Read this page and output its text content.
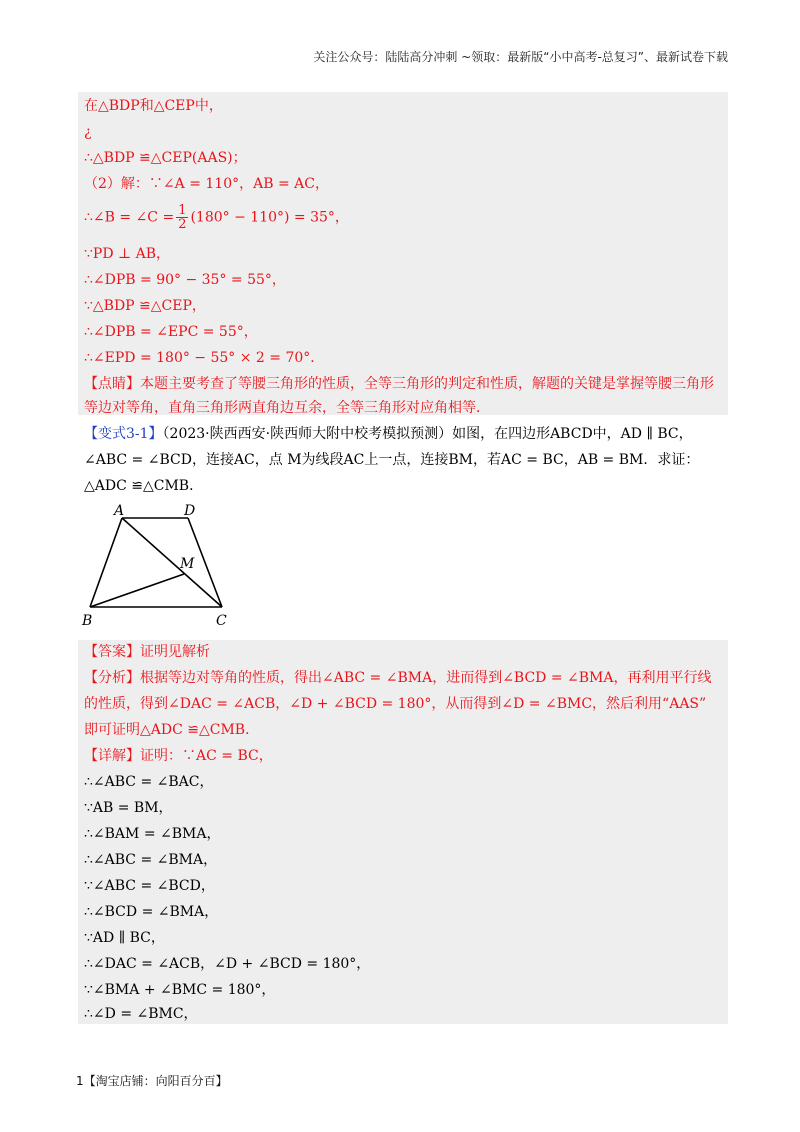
关注公众号：陆陆高分冲刺 ~领取：最新版“小中高考-总复习”、最新试卷下载
在△BDP和△CEP中，
¿
∴△BDP ≌△CEP(AAS)；
（2）解：∵∠A = 110°，AB = AC，
∴∠B = ∠C = $\frac{1}{2} (180^\circ - 110^\circ) = 35^\circ$，
∵PD ⊥ AB，
∴∠DPB = 90° − 35° = 55°，
∵△BDP ≌△CEP，
∴∠DPB = ∠EPC = 55°，
∴∠EPD = 180° − 55° × 2 = 70°．
【点睛】本题主要考查了等腰三角形的性质，全等三角形的判定和性质，解题的关键是掌握等腰三角形
等边对等角，直角三角形两直角边互余，全等三角形对应角相等．
【变式3-1】（2023·陕西西安·陕西师大附中校考模拟预测）如图，在四边形ABCD中，AD ∥ BC，
∠ABC = ∠BCD，连接AC，点 M为线段AC上一点，连接BM，若AC = BC，AB = BM．求证：
△ADC ≌△CMB．
A	D
M
B	C
【答案】证明见解析
【分析】根据等边对等角的性质，得出∠ABC = ∠BMA，进而得到∠BCD = ∠BMA，再利用平行线
的性质，得到∠DAC = ∠ACB，∠D + ∠BCD = 180°，从而得到∠D = ∠BMC，然后利用“AAS”
即可证明△ADC ≌△CMB．
【详解】证明：∵AC = BC，
∴∠ABC = ∠BAC，
∵AB = BM，
∴∠BAM = ∠BMA，
∴∠ABC = ∠BMA，
∵∠ABC = ∠BCD，
∴∠BCD = ∠BMA，
∵AD ∥ BC，
∴∠DAC = ∠ACB，∠D + ∠BCD = 180°，
∵∠BMA + ∠BMC = 180°，
∴∠D = ∠BMC，
1【淘宝店铺：向阳百分百】
